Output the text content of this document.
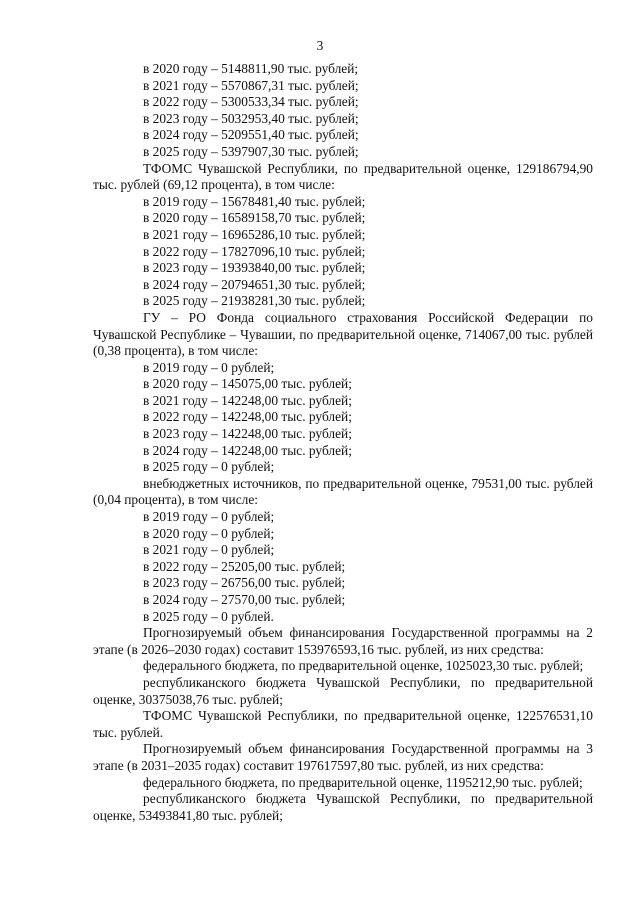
3

в 2020 году – 5148811,90 тыс. рублей;

в 2021 году – 5570867,31 тыс. рублей;

в 2022 году – 5300533,34 тыс. рублей;

в 2023 году – 5032953,40 тыс. рублей;

в 2024 году – 5209551,40 тыс. рублей;

в 2025 году – 5397907,30 тыс. рублей;

ТФОМС Чувашской Республики, по предварительной оценке, 129186794,90 тыс. рублей (69,12 процента), в том числе:

в 2019 году – 15678481,40 тыс. рублей;

в 2020 году – 16589158,70 тыс. рублей;

в 2021 году – 16965286,10 тыс. рублей;

в 2022 году – 17827096,10 тыс. рублей;

в 2023 году – 19393840,00 тыс. рублей;

в 2024 году – 20794651,30 тыс. рублей;

в 2025 году – 21938281,30 тыс. рублей;

ГУ – РО Фонда социального страхования Российской Федерации по Чувашской Республике – Чувашии, по предварительной оценке, 714067,00 тыс. рублей (0,38 процента), в том числе:

в 2019 году – 0 рублей;

в 2020 году – 145075,00 тыс. рублей;

в 2021 году – 142248,00 тыс. рублей;

в 2022 году – 142248,00 тыс. рублей;

в 2023 году – 142248,00 тыс. рублей;

в 2024 году – 142248,00 тыс. рублей;

в 2025 году – 0 рублей;

внебюджетных источников, по предварительной оценке, 79531,00 тыс. рублей (0,04 процента), в том числе:

в 2019 году – 0 рублей;

в 2020 году – 0 рублей;

в 2021 году – 0 рублей;

в 2022 году – 25205,00 тыс. рублей;

в 2023 году – 26756,00 тыс. рублей;

в 2024 году – 27570,00 тыс. рублей;

в 2025 году – 0 рублей.

Прогнозируемый объем финансирования Государственной программы на 2 этапе (в 2026–2030 годах) составит 153976593,16 тыс. рублей, из них средства:

федерального бюджета, по предварительной оценке, 1025023,30 тыс. рублей;

республиканского бюджета Чувашской Республики, по предварительной оценке, 30375038,76 тыс. рублей;

ТФОМС Чувашской Республики, по предварительной оценке, 122576531,10 тыс. рублей.

Прогнозируемый объем финансирования Государственной программы на 3 этапе (в 2031–2035 годах) составит 197617597,80 тыс. рублей, из них средства:

федерального бюджета, по предварительной оценке, 1195212,90 тыс. рублей;

республиканского бюджета Чувашской Республики, по предварительной оценке, 53493841,80 тыс. рублей;
